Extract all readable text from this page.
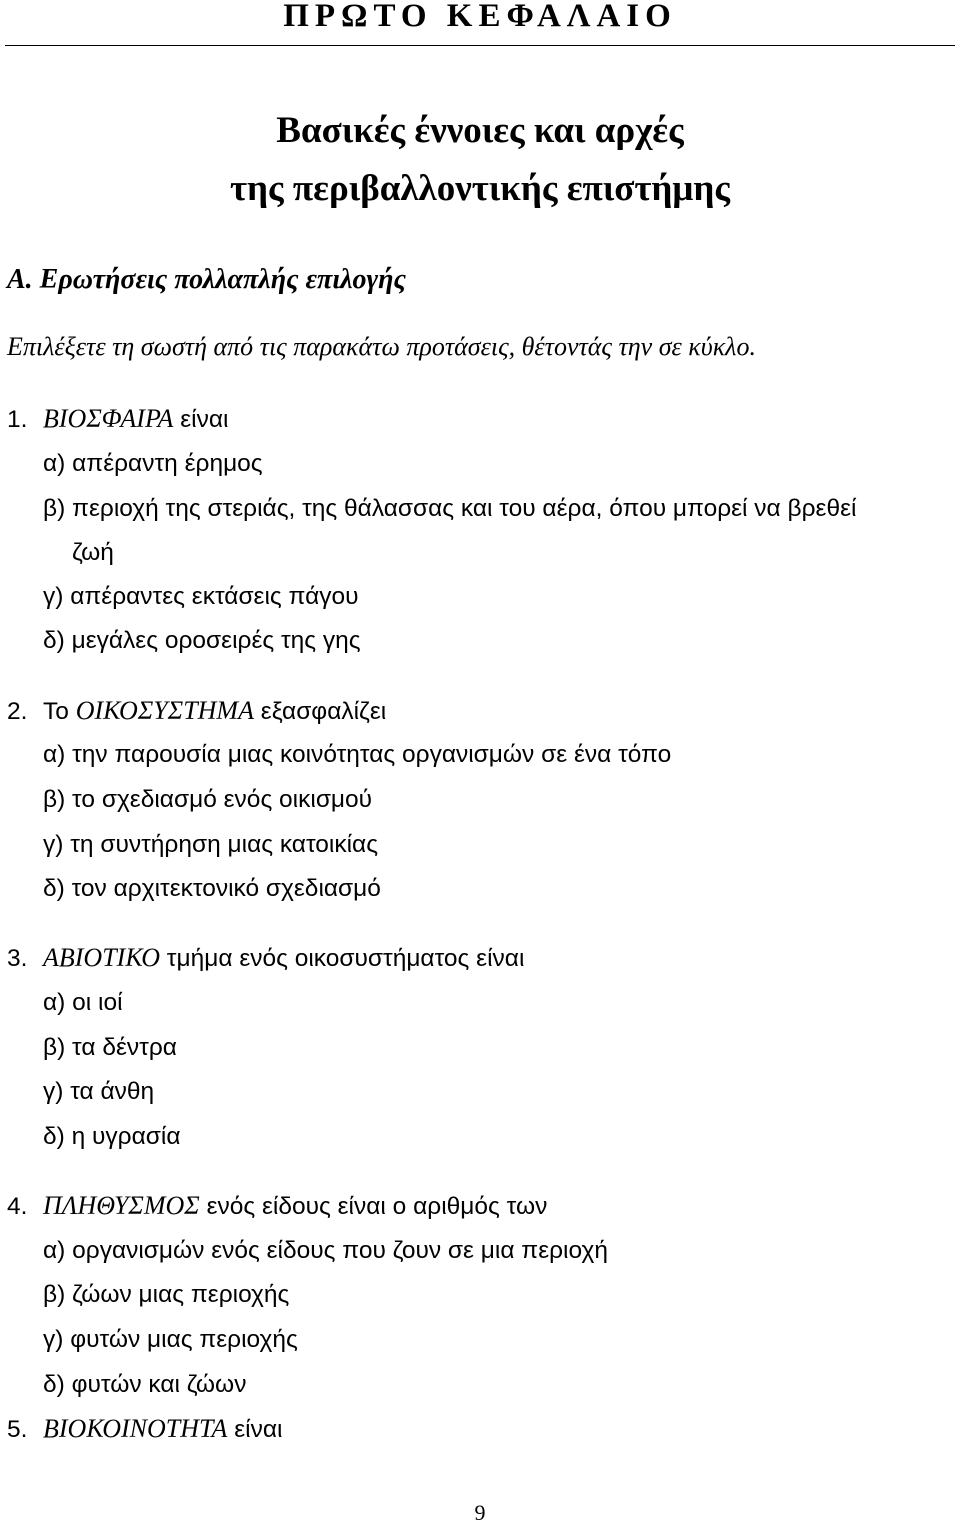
ΠΡΩΤΟ ΚΕΦΑΛΑΙΟ
Βασικές έννοιες και αρχές
της περιβαλλοντικής επιστήμης
Α. Ερωτήσεις πολλαπλής επιλογής
Επιλέξετε τη σωστή από τις παρακάτω προτάσεις, θέτοντάς την σε κύκλο.
1. ΒΙΟΣΦΑΙΡΑ είναι
α) απέραντη έρημος
β) περιοχή της στεριάς, της θάλασσας και του αέρα, όπου μπορεί να βρεθεί
ζωή
γ) απέραντες εκτάσεις πάγου
δ) μεγάλες οροσειρές της γης
2. Το ΟΙΚΟΣΥΣΤΗΜΑ εξασφαλίζει
α) την παρουσία μιας κοινότητας οργανισμών σε ένα τόπο
β) το σχεδιασμό ενός οικισμού
γ) τη συντήρηση μιας κατοικίας
δ) τον αρχιτεκτονικό σχεδιασμό
3. ΑΒΙΟΤΙΚΟ τμήμα ενός οικοσυστήματος είναι
α) οι ιοί
β) τα δέντρα
γ) τα άνθη
δ) η υγρασία
4. ΠΛΗΘΥΣΜΟΣ ενός είδους είναι ο αριθμός των
α) οργανισμών ενός είδους που ζουν σε μια περιοχή
β) ζώων μιας περιοχής
γ) φυτών μιας περιοχής
δ) φυτών και ζώων
5. ΒΙΟΚΟΙΝΟΤΗΤΑ είναι
9
